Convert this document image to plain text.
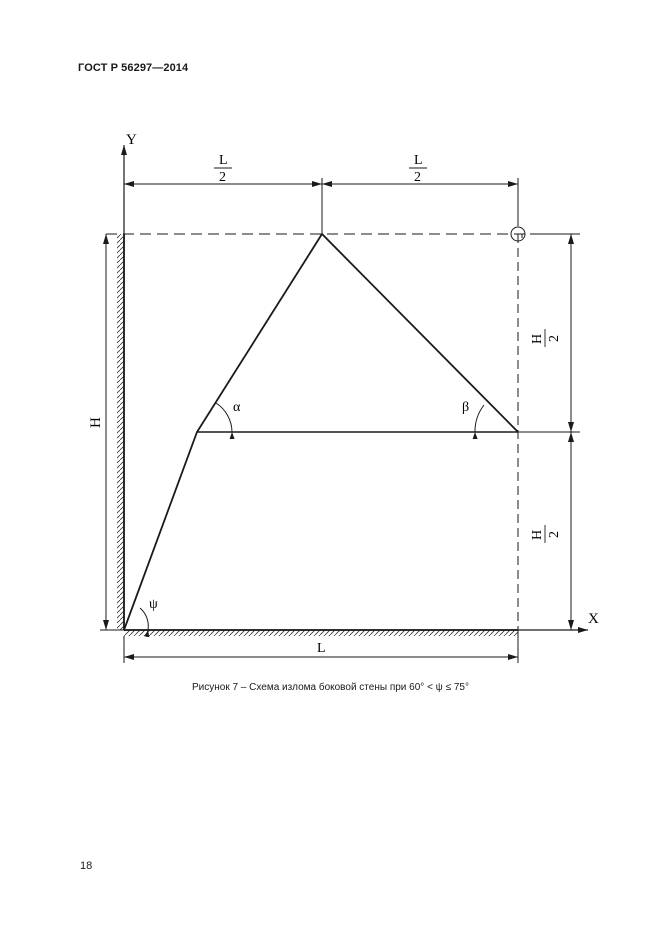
ГОСТ Р 56297—2014
Y
X
L
2
L
2
H
H 2
H 2
L
α	β
ψ
Рисунок 7 – Схема излома боковой стены при 60° < ψ ≤ 75°
18
